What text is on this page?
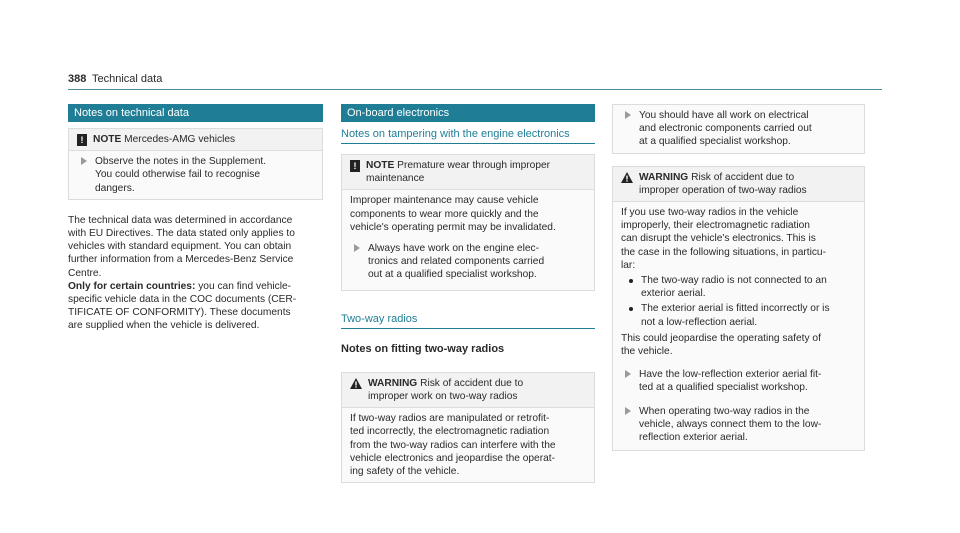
388 Technical data
Notes on technical data
! NOTE Mercedes-AMG vehicles
Observe the notes in the Supplement.
You could otherwise fail to recognise
dangers.
The technical data was determined in accordance
with EU Directives. The data stated only applies to
vehicles with standard equipment. You can obtain
further information from a Mercedes-Benz Service
Centre.
Only for certain countries: you can find vehicle-
specific vehicle data in the COC documents (CER-
TIFICATE OF CONFORMITY). These documents
are supplied when the vehicle is delivered.
On-board electronics
Notes on tampering with the engine electronics
! NOTE Premature wear through improper
maintenance
Improper maintenance may cause vehicle
components to wear more quickly and the
vehicle's operating permit may be invalidated.
Always have work on the engine elec-
tronics and related components carried
out at a qualified specialist workshop.
Two-way radios
Notes on fitting two-way radios
WARNING Risk of accident due to
improper work on two-way radios
If two-way radios are manipulated or retrofit-
ted incorrectly, the electromagnetic radiation
from the two-way radios can interfere with the
vehicle electronics and jeopardise the operat-
ing safety of the vehicle.
You should have all work on electrical
and electronic components carried out
at a qualified specialist workshop.
WARNING Risk of accident due to
improper operation of two-way radios
If you use two-way radios in the vehicle
improperly, their electromagnetic radiation
can disrupt the vehicle's electronics. This is
the case in the following situations, in particu-
lar:
The two-way radio is not connected to an
exterior aerial.
The exterior aerial is fitted incorrectly or is
not a low-reflection aerial.
This could jeopardise the operating safety of
the vehicle.
Have the low-reflection exterior aerial fit-
ted at a qualified specialist workshop.
When operating two-way radios in the
vehicle, always connect them to the low-
reflection exterior aerial.
